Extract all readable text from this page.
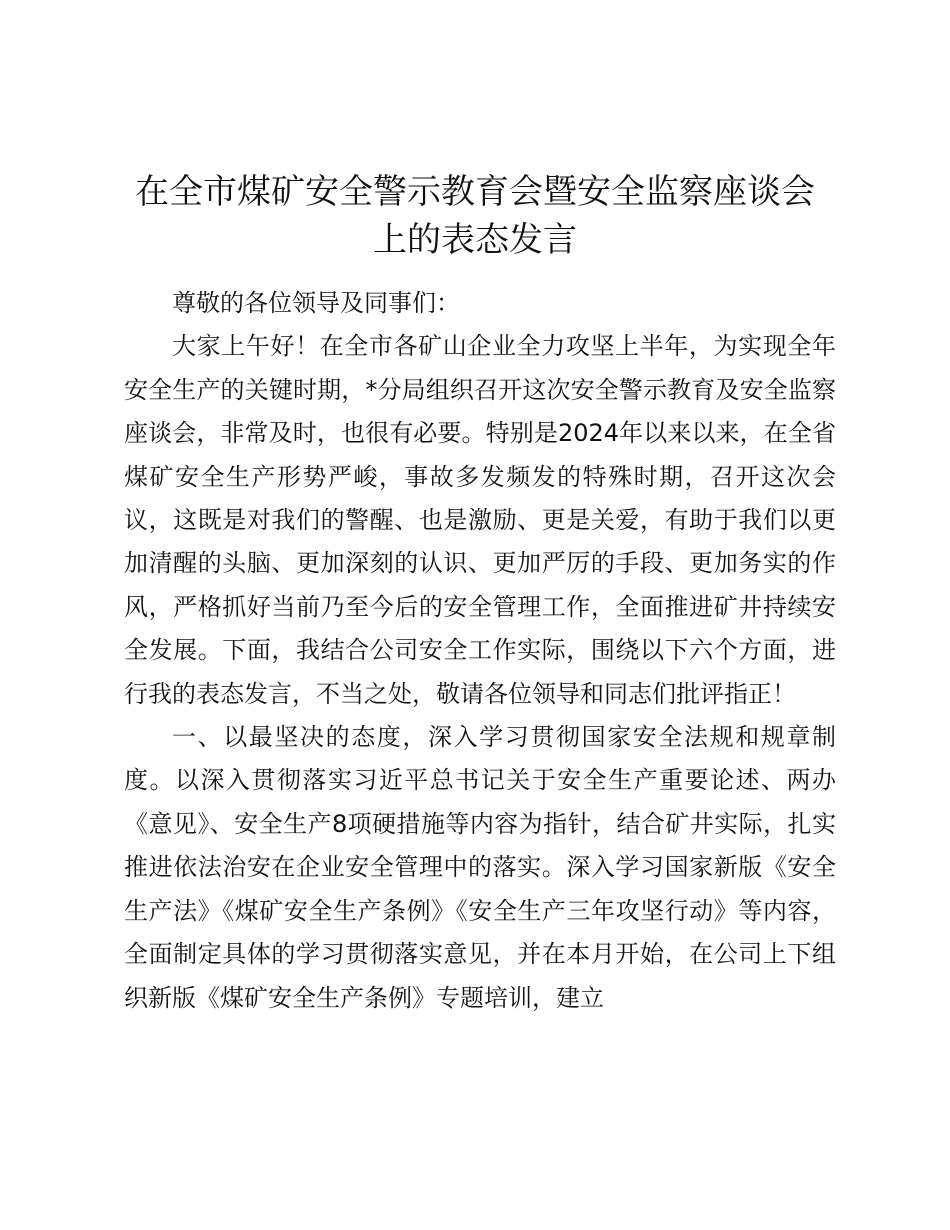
在全市煤矿安全警示教育会暨安全监察座谈会
上的表态发言

尊敬的各位领导及同事们：

大家上午好！在全市各矿山企业全力攻坚上半年，为实现全年安全生产的关键时期，*分局组织召开这次安全警示教育及安全监察座谈会，非常及时，也很有必要。特别是2024年以来以来，在全省煤矿安全生产形势严峻，事故多发频发的特殊时期，召开这次会议，这既是对我们的警醒、也是激励、更是关爱，有助于我们以更加清醒的头脑、更加深刻的认识、更加严厉的手段、更加务实的作风，严格抓好当前乃至今后的安全管理工作，全面推进矿井持续安全发展。下面，我结合公司安全工作实际，围绕以下六个方面，进行我的表态发言，不当之处，敬请各位领导和同志们批评指正！

一、以最坚决的态度，深入学习贯彻国家安全法规和规章制度。以深入贯彻落实习近平总书记关于安全生产重要论述、两办《意见》、安全生产8项硬措施等内容为指针，结合矿井实际，扎实推进依法治安在企业安全管理中的落实。深入学习国家新版《安全生产法》《煤矿安全生产条例》《安全生产三年攻坚行动》等内容，全面制定具体的学习贯彻落实意见，并在本月开始，在公司上下组织新版《煤矿安全生产条例》专题培训，建立
